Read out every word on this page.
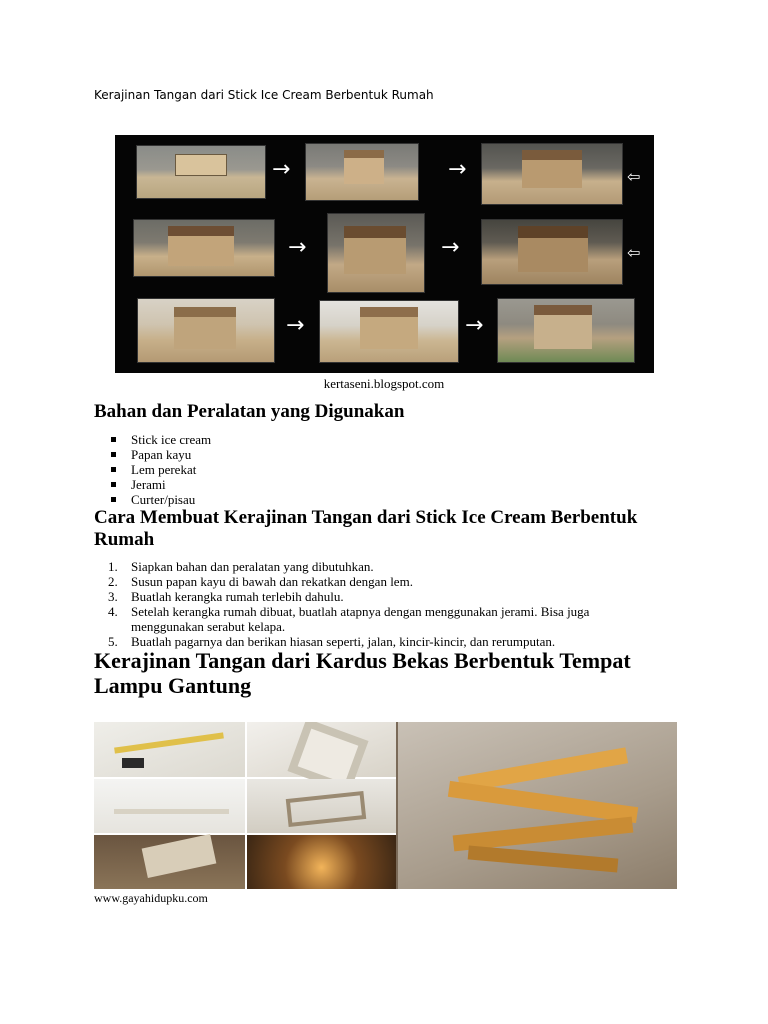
Kerajinan Tangan dari Stick Ice Cream Berbentuk Rumah
→	→	⇦
→	→	⇦
→	→
kertaseni.blogspot.com
Bahan dan Peralatan yang Digunakan
Stick ice cream
Papan kayu
Lem perekat
Jerami
Curter/pisau
Cara Membuat Kerajinan Tangan dari Stick Ice Cream Berbentuk Rumah
1. Siapkan bahan dan peralatan yang dibutuhkan.
2. Susun papan kayu di bawah dan rekatkan dengan lem.
3. Buatlah kerangka rumah terlebih dahulu.
4. Setelah kerangka rumah dibuat, buatlah atapnya dengan menggunakan jerami. Bisa juga menggunakan serabut kelapa.
5. Buatlah pagarnya dan berikan hiasan seperti, jalan, kincir-kincir, dan rerumputan.
Kerajinan Tangan dari Kardus Bekas Berbentuk Tempat Lampu Gantung
www.gayahidupku.com
